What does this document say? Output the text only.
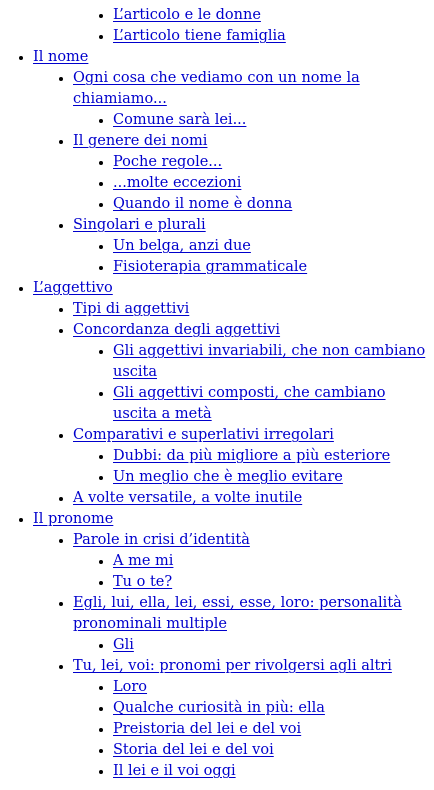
• L’articolo e le donne
• L’articolo tiene famiglia
• Il nome
• Ogni cosa che vediamo con un nome la chiamiamo...
• Comune sarà lei...
• Il genere dei nomi
• Poche regole...
• ...molte eccezioni
• Quando il nome è donna
• Singolari e plurali
• Un belga, anzi due
• Fisioterapia grammaticale
• L’aggettivo
• Tipi di aggettivi
• Concordanza degli aggettivi
• Gli aggettivi invariabili, che non cambiano uscita
• Gli aggettivi composti, che cambiano uscita a metà
• Comparativi e superlativi irregolari
• Dubbi: da più migliore a più esteriore
• Un meglio che è meglio evitare
• A volte versatile, a volte inutile
• Il pronome
• Parole in crisi d’identità
• A me mi
• Tu o te?
• Egli, lui, ella, lei, essi, esse, loro: personalità pronominali multiple
• Gli
• Tu, lei, voi: pronomi per rivolgersi agli altri
• Loro
• Qualche curiosità in più: ella
• Preistoria del lei e del voi
• Storia del lei e del voi
• Il lei e il voi oggi
